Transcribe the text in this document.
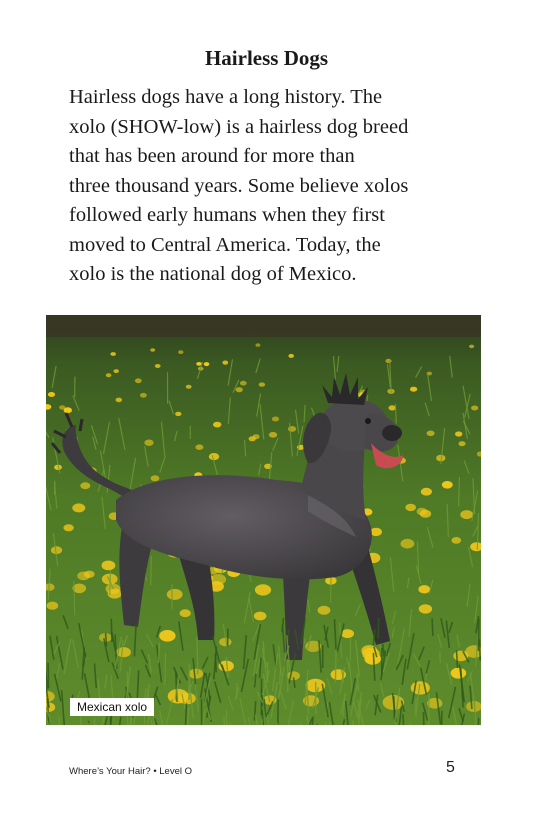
Hairless Dogs
Hairless dogs have a long history. The
xolo (SHOW-low) is a hairless dog breed
that has been around for more than
three thousand years. Some believe xolos
followed early humans when they first
moved to Central America. Today, the
xolo is the national dog of Mexico.
Mexican xolo
Where’s Your Hair? • Level O	5
